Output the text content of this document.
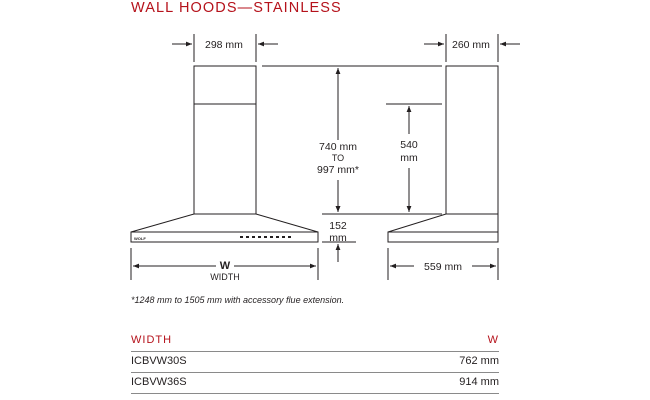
WALL HOODS—STAINLESS
WOLF
298 mm	260 mm
740 mm
TO
997 mm*
540
mm
152
mm
W
WIDTH
559 mm
*1248 mm to 1505 mm with accessory flue extension.
WIDTH	W
ICBVW30S	762 mm
ICBVW36S	914 mm
